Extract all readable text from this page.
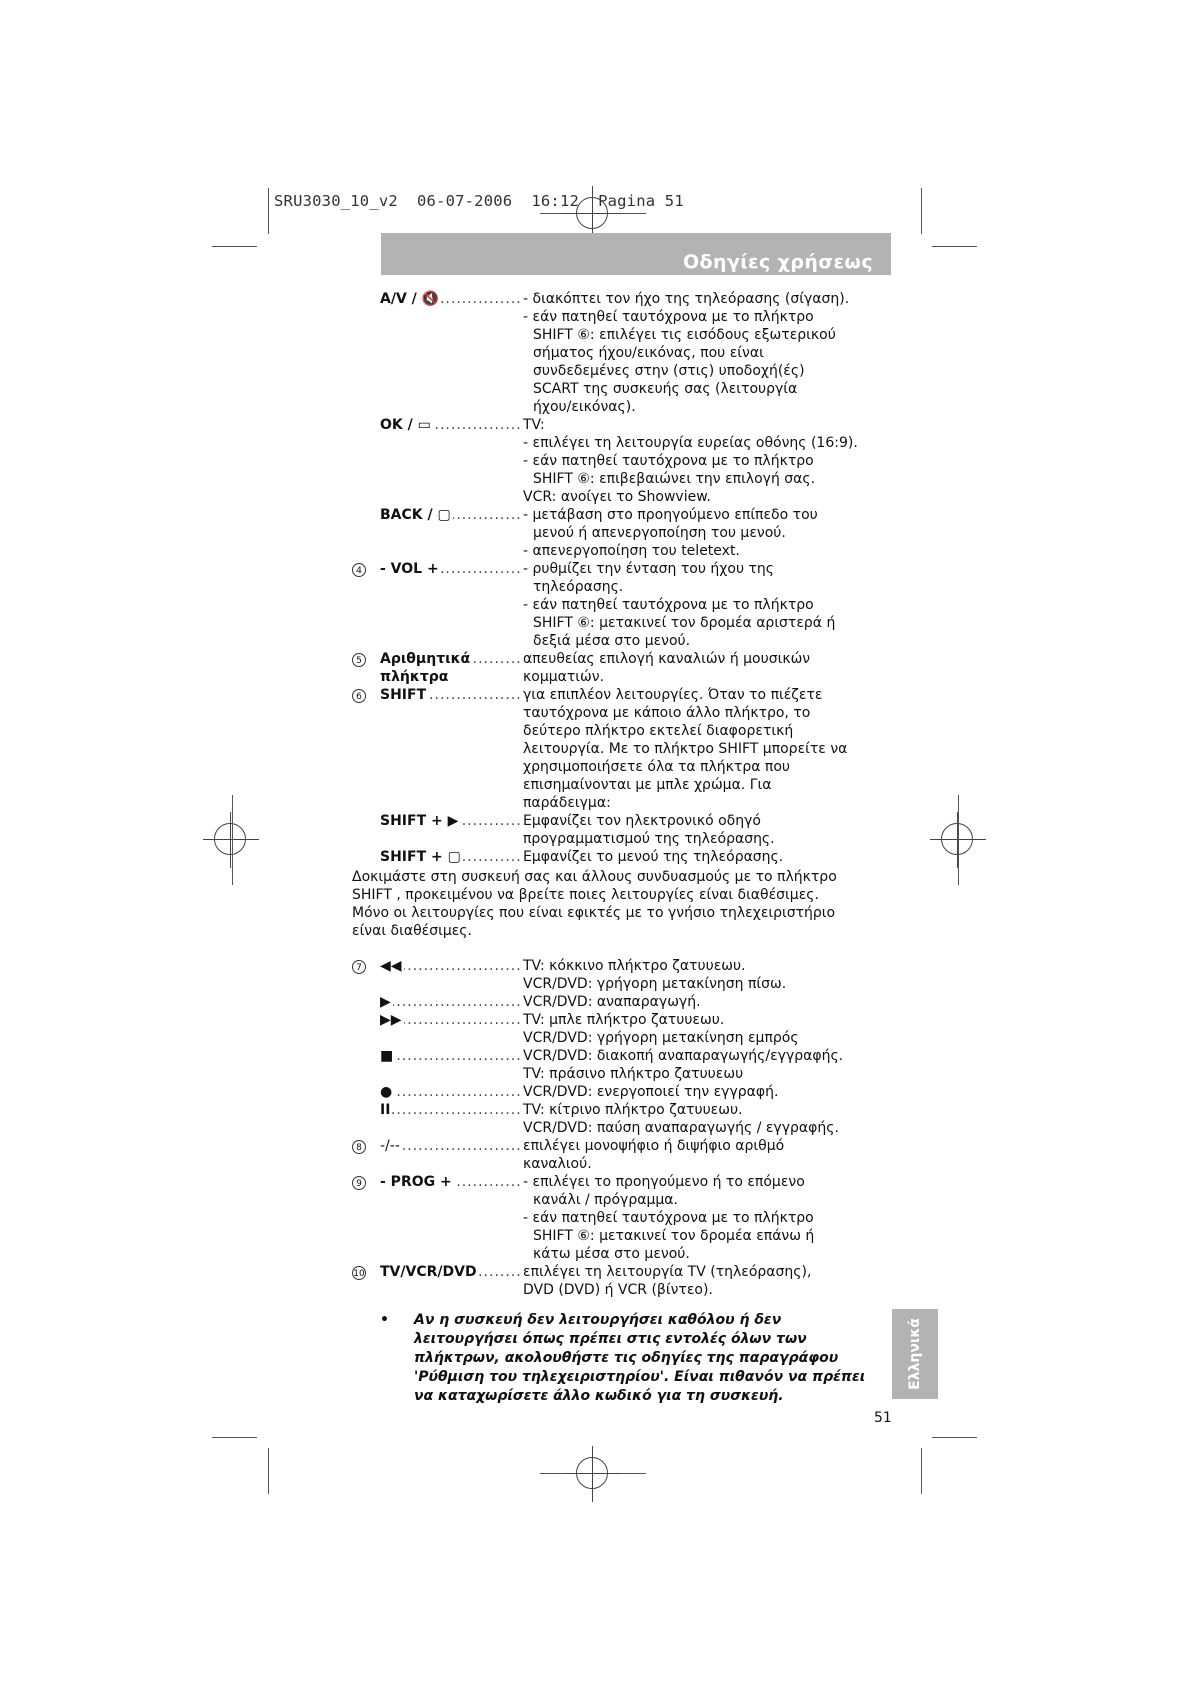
SRU3030_10_v2  06-07-2006  16:12  Pagina 51
Οδηγίες χρήσεως
A/V / 🔇 .....	- διακόπτει τον ήχο της τηλεόρασης (σίγαση).
- εάν πατηθεί ταυτόχρονα με το πλήκτρο
SHIFT ⑥: επιλέγει τις εισόδους εξωτερικού
σήματος ήχου/εικόνας, που είναι
συνδεδεμένες στην (στις) υποδοχή(ές)
SCART της συσκευής σας (λειτουργία
ήχου/εικόνας).
OK / ▭ .....	TV:
- επιλέγει τη λειτουργία ευρείας οθόνης (16:9).
- εάν πατηθεί ταυτόχρονα με το πλήκτρο
SHIFT ⑥: επιβεβαιώνει την επιλογή σας.
VCR: ανοίγει το Showview.
BACK / ▢ .....	- μετάβαση στο προηγούμενο επίπεδο του
μενού ή απενεργοποίηση του μενού.
- απενεργοποίηση του teletext.
4	- VOL + .....	- ρυθμίζει την ένταση του ήχου της
τηλεόρασης.
- εάν πατηθεί ταυτόχρονα με το πλήκτρο
SHIFT ⑥: μετακινεί τον δρομέα αριστερά ή
δεξιά μέσα στο μενού.
5	Αριθμητικά
πλήκτρα .....
απευθείας επιλογή καναλιών ή μουσικών
κομματιών.
6	SHIFT .....	για επιπλέον λειτουργίες. Όταν το πιέζετε
ταυτόχρονα με κάποιο άλλο πλήκτρο, το
δεύτερο πλήκτρο εκτελεί διαφορετική
λειτουργία. Με το πλήκτρο SHIFT μπορείτε να
χρησιμοποιήσετε όλα τα πλήκτρα που
επισημαίνονται με μπλε χρώμα. Για
παράδειγμα:
SHIFT + ▶ .....	Εμφανίζει τον ηλεκτρονικό οδηγό
προγραμματισμού της τηλεόρασης.
SHIFT + ▢ .....	Εμφανίζει το μενού της τηλεόρασης.
Δοκιμάστε στη συσκευή σας και άλλους συνδυασμούς με το πλήκτρο
SHIFT , προκειμένου να βρείτε ποιες λειτουργίες είναι διαθέσιμες.
Μόνο οι λειτουργίες που είναι εφικτές με το γνήσιο τηλεχειριστήριο
είναι διαθέσιμες.
7	◀◀ .....	TV: κόκκινο πλήκτρο ζατυυεωυ.
VCR/DVD: γρήγορη μετακίνηση πίσω.
▶ .....	VCR/DVD: αναπαραγωγή.
▶▶ .....	TV: μπλε πλήκτρο ζατυυεωυ.
VCR/DVD: γρήγορη μετακίνηση εμπρός
■ .....	VCR/DVD: διακοπή αναπαραγωγής/εγγραφής.
TV: πράσινο πλήκτρο ζατυυεωυ
● .....	VCR/DVD: ενεργοποιεί την εγγραφή.
II .....	TV: κίτρινο πλήκτρο ζατυυεωυ.
VCR/DVD: παύση αναπαραγωγής / εγγραφής.
8	-/-- .....	επιλέγει μονοψήφιο ή διψήφιο αριθμό
καναλιού.
9	- PROG + .....	- επιλέγει το προηγούμενο ή το επόμενο
κανάλι / πρόγραμμα.
- εάν πατηθεί ταυτόχρονα με το πλήκτρο
SHIFT ⑥: μετακινεί τον δρομέα επάνω ή
κάτω μέσα στο μενού.
10	TV/VCR/DVD .....	επιλέγει τη λειτουργία TV (τηλεόρασης),
DVD (DVD) ή VCR (βίντεο).
•	Αν η συσκευή δεν λειτουργήσει καθόλου ή δεν λειτουργήσει όπως πρέπει στις εντολές όλων των πλήκτρων, ακολουθήστε τις οδηγίες της παραγράφου 'Ρύθμιση του τηλεχειριστηρίου'. Είναι πιθανόν να πρέπει να καταχωρίσετε άλλο κωδικό για τη συσκευή.
Ελληνικά
51
